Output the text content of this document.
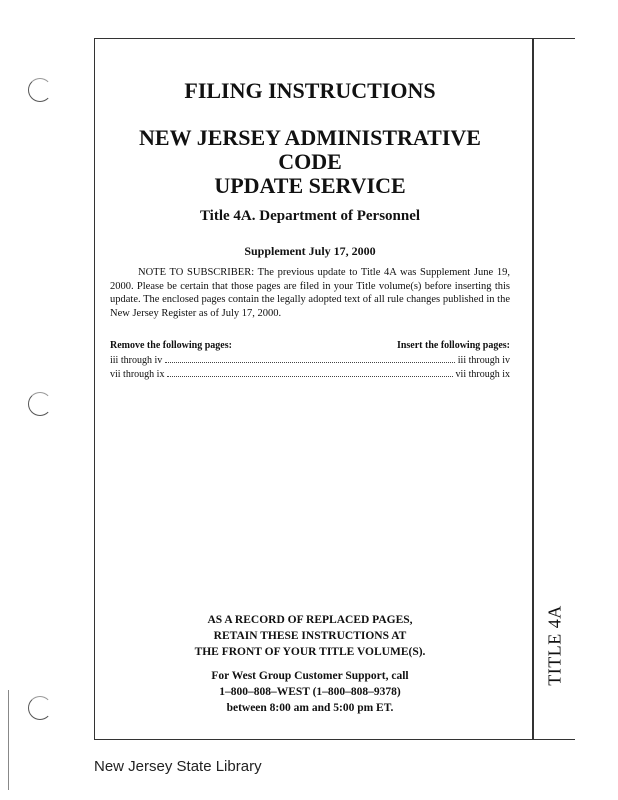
TITLE 4A
FILING INSTRUCTIONS
NEW JERSEY ADMINISTRATIVE CODE
UPDATE SERVICE
Title 4A. Department of Personnel
Supplement July 17, 2000
NOTE TO SUBSCRIBER: The previous update to Title 4A was Supplement June 19, 2000. Please be certain that those pages are filed in your Title volume(s) before inserting this update. The enclosed pages contain the legally adopted text of all rule changes published in the New Jersey Register as of July 17, 2000.
Remove the following pages:	Insert the following pages:
iii through iv	iii through iv
vii through ix	vii through ix
AS A RECORD OF REPLACED PAGES,
RETAIN THESE INSTRUCTIONS AT
THE FRONT OF YOUR TITLE VOLUME(S).
For West Group Customer Support, call
1–800–808–WEST (1–800–808–9378)
between 8:00 am and 5:00 pm ET.
New Jersey State Library
